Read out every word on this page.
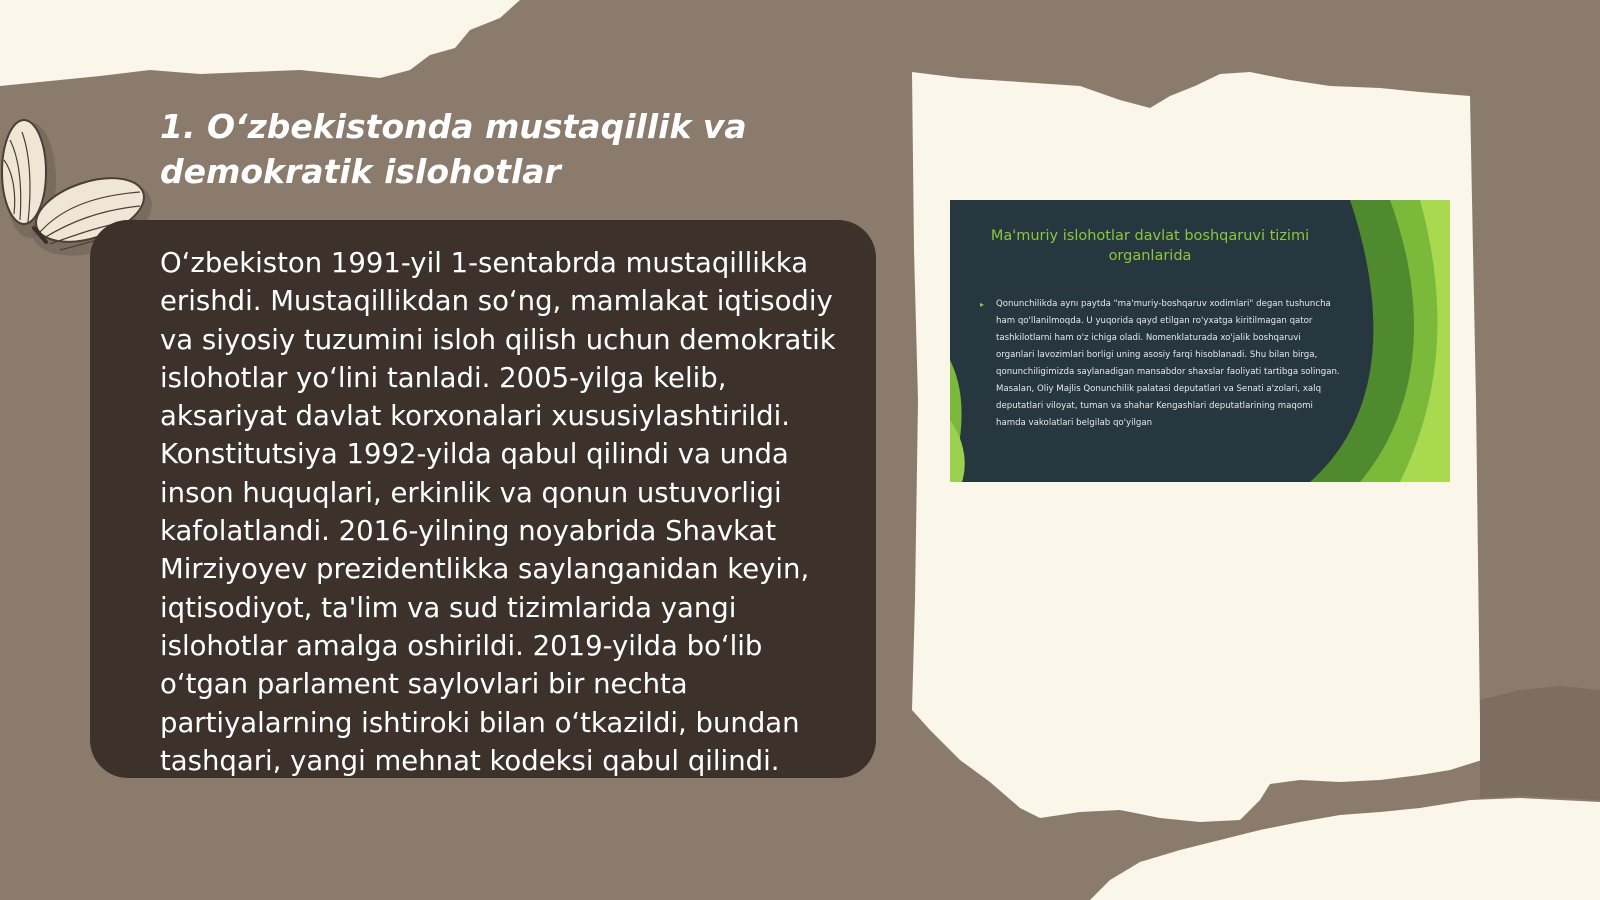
1. O‘zbekistonda mustaqillik va demokratik islohotlar

O‘zbekiston 1991-yil 1-sentabrda mustaqillikka erishdi. Mustaqillikdan so‘ng, mamlakat iqtisodiy va siyosiy tuzumini isloh qilish uchun demokratik islohotlar yo‘lini tanladi. 2005-yilga kelib, aksariyat davlat korxonalari xususiylashtirildi. Konstitutsiya 1992-yilda qabul qilindi va unda inson huquqlari, erkinlik va qonun ustuvorligi kafolatlandi. 2016-yilning noyabrida Shavkat Mirziyoyev prezidentlikka saylanganidan keyin, iqtisodiyot, ta'lim va sud tizimlarida yangi islohotlar amalga oshirildi. 2019-yilda bo‘lib o‘tgan parlament saylovlari bir nechta partiyalarning ishtiroki bilan o‘tkazildi, bundan tashqari, yangi mehnat kodeksi qabul qilindi.

Ma'muriy islohotlar davlat boshqaruvi tizimi organlarida
▸ Qonunchilikda aynı paytda "ma'muriy-boshqaruv xodimlari" degan tushuncha ham qo'llanilmoqda. U yuqorida qayd etilgan ro'yxatga kiritilmagan qator tashkilotlarni ham o'z ichiga oladi. Nomenklaturada xo'jalik boshqaruvi organlari lavozimlari borligi uning asosiy farqi hisoblanadi. Shu bilan birga, qonunchiligimizda saylanadigan mansabdor shaxslar faoliyati tartibga solingan. Masalan, Oliy Majlis Qonunchilik palatasi deputatlari va Senati a'zolari, xalq deputatlari viloyat, tuman va shahar Kengashlari deputatlarining maqomi hamda vakolatlari belgilab qo'yilgan
